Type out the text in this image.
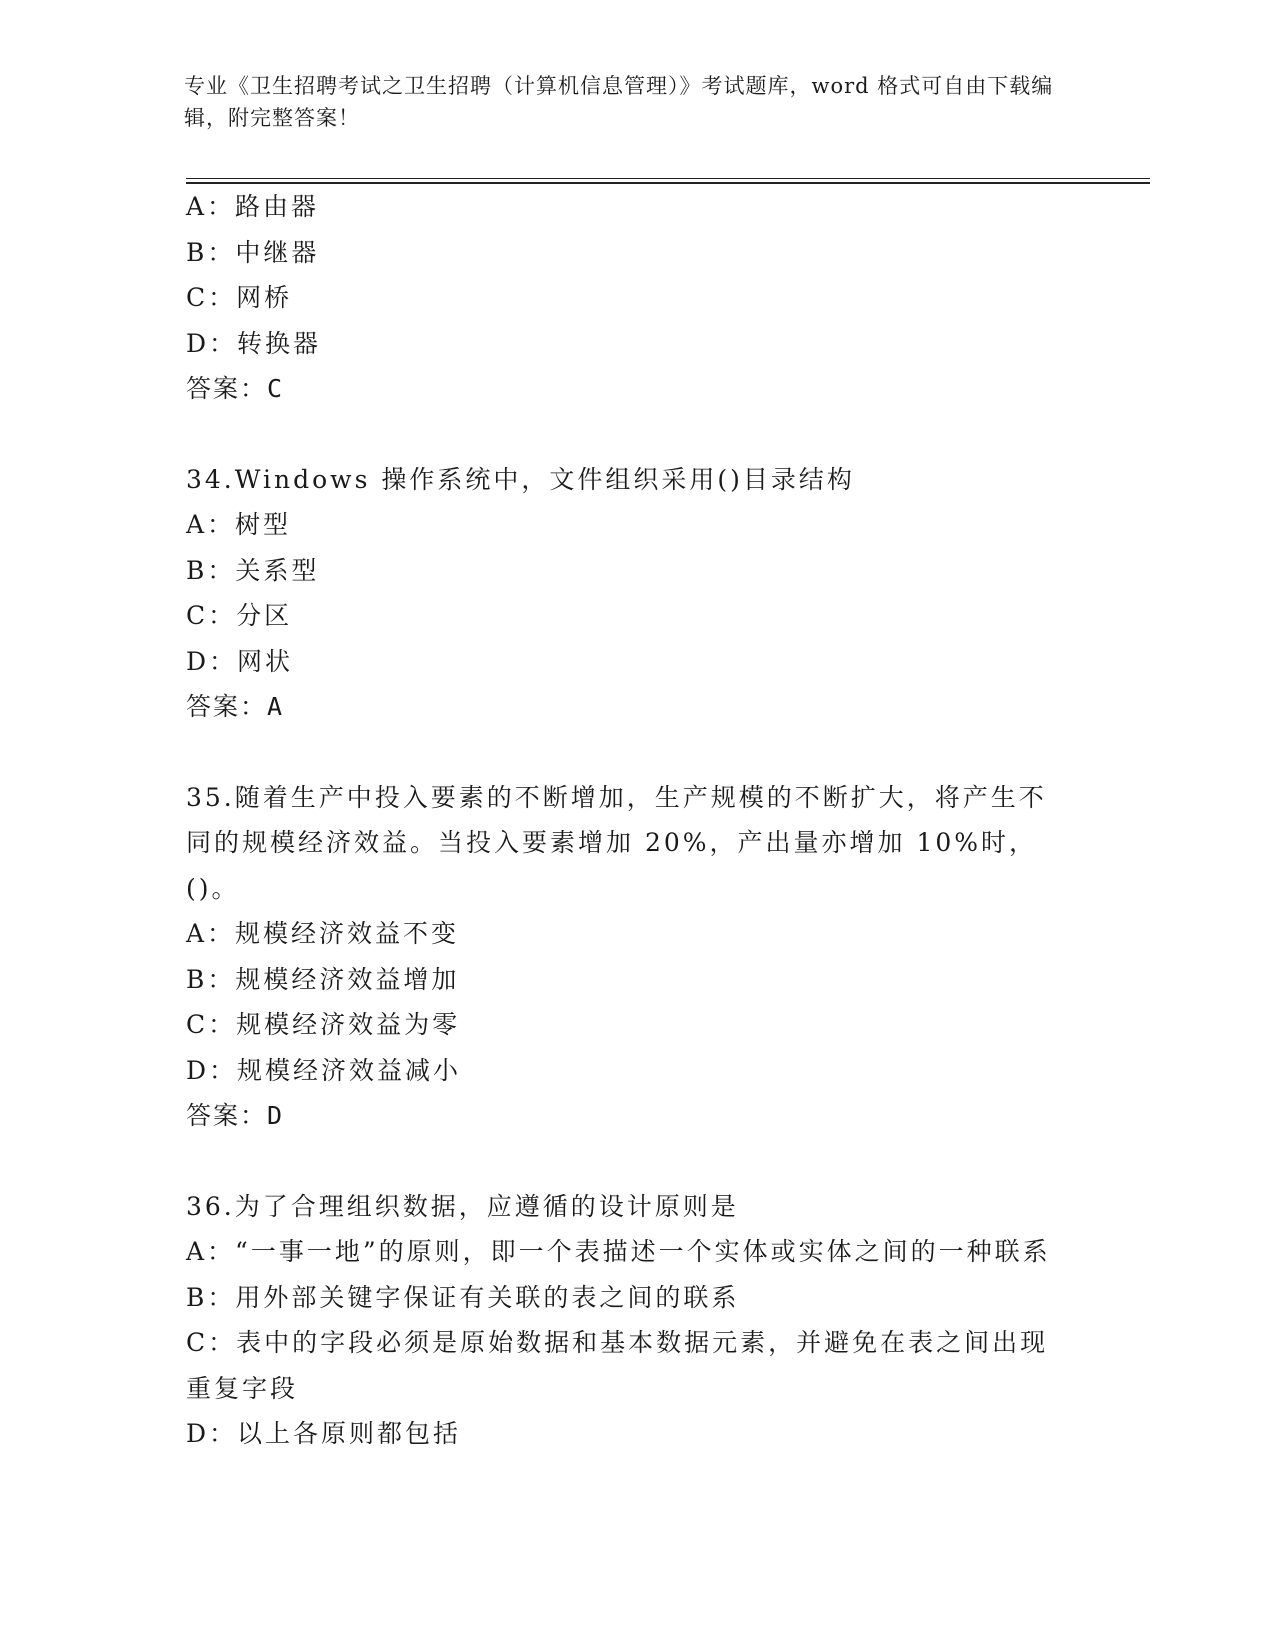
专业《卫生招聘考试之卫生招聘（计算机信息管理）》考试题库，word 格式可自由下载编辑，附完整答案！
A：路由器
B：中继器
C：网桥
D：转换器
答案：C
34.Windows 操作系统中，文件组织采用()目录结构
A：树型
B：关系型
C：分区
D：网状
答案：A
35.随着生产中投入要素的不断增加，生产规模的不断扩大，将产生不同的规模经济效益。当投入要素增加 20%，产出量亦增加 10%时，()。
A：规模经济效益不变
B：规模经济效益增加
C：规模经济效益为零
D：规模经济效益减小
答案：D
36.为了合理组织数据，应遵循的设计原则是
A：“一事一地”的原则，即一个表描述一个实体或实体之间的一种联系
B：用外部关键字保证有关联的表之间的联系
C：表中的字段必须是原始数据和基本数据元素，并避免在表之间出现重复字段
D：以上各原则都包括
